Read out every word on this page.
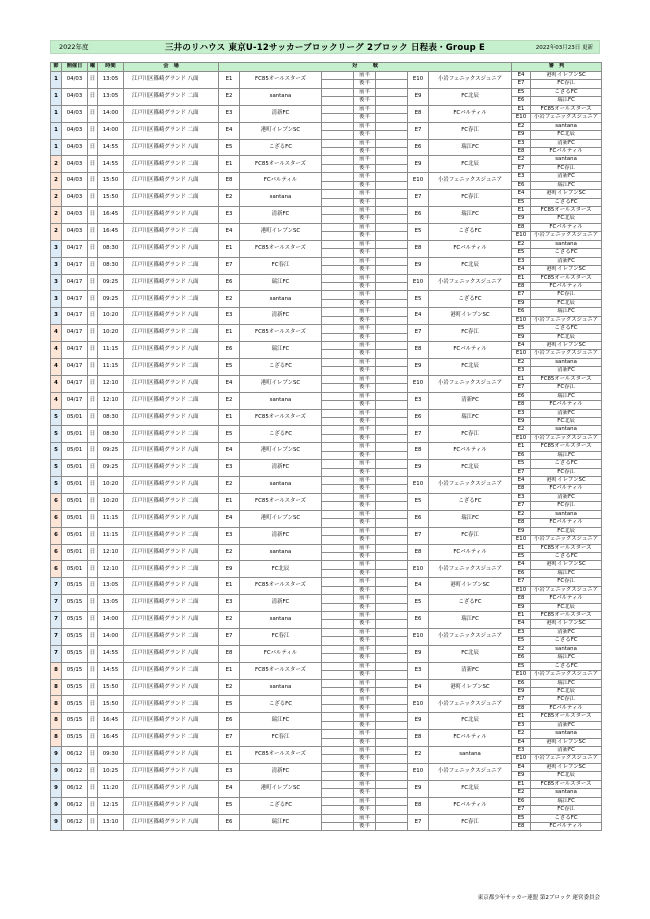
2022年度	三井のリハウス 東京U-12サッカーブロックリーグ 2ブロック 日程表・Group E	2022年03月23日 更新
節	開催日	曜	時間	会　場	対　　　戦							審　判	
1	04/03	日	13:05	江戸川区篠崎グランド 八面	E1	FC85オールスターズ		前半		E10	小岩フェニックスジュニア	E4	港町イレブンSC
								後半				E7	FC春江
1	04/03	日	13:05	江戸川区篠崎グランド 二面	E2	santana		前半		E9	FC北辰	E5	こざるFC
								後半				E6	瑞江FC
1	04/03	日	14:00	江戸川区篠崎グランド 八面	E3	清新FC		前半		E8	FCバルティル	E1	FC85オールスターズ
								後半				E10	小岩フェニックスジュニア
1	04/03	日	14:00	江戸川区篠崎グランド 二面	E4	港町イレブンSC		前半		E7	FC春江	E2	santana
								後半				E9	FC北辰
1	04/03	日	14:55	江戸川区篠崎グランド 八面	E5	こざるFC		前半		E6	瑞江FC	E3	清新FC
								後半				E8	FCバルティル
2	04/03	日	14:55	江戸川区篠崎グランド 二面	E1	FC85オールスターズ		前半		E9	FC北辰	E2	santana
								後半				E7	FC春江
2	04/03	日	15:50	江戸川区篠崎グランド 八面	E8	FCバルティル		前半		E10	小岩フェニックスジュニア	E3	清新FC
								後半				E6	瑞江FC
2	04/03	日	15:50	江戸川区篠崎グランド 二面	E2	santana		前半		E7	FC春江	E4	港町イレブンSC
								後半				E5	こざるFC
2	04/03	日	16:45	江戸川区篠崎グランド 八面	E3	清新FC		前半		E6	瑞江FC	E1	FC85オールスターズ
								後半				E9	FC北辰
2	04/03	日	16:45	江戸川区篠崎グランド 二面	E4	港町イレブンSC		前半		E5	こざるFC	E8	FCバルティル
								後半				E10	小岩フェニックスジュニア
3	04/17	日	08:30	江戸川区篠崎グランド 八面	E1	FC85オールスターズ		前半		E8	FCバルティル	E2	santana
								後半				E5	こざるFC
3	04/17	日	08:30	江戸川区篠崎グランド 二面	E7	FC春江		前半		E9	FC北辰	E3	清新FC
								後半				E4	港町イレブンSC
3	04/17	日	09:25	江戸川区篠崎グランド 八面	E6	瑞江FC		前半		E10	小岩フェニックスジュニア	E1	FC85オールスターズ
								後半				E8	FCバルティル
3	04/17	日	09:25	江戸川区篠崎グランド 二面	E2	santana		前半		E5	こざるFC	E7	FC春江
								後半				E9	FC北辰
3	04/17	日	10:20	江戸川区篠崎グランド 八面	E3	清新FC		前半		E4	港町イレブンSC	E6	瑞江FC
								後半				E10	小岩フェニックスジュニア
4	04/17	日	10:20	江戸川区篠崎グランド 二面	E1	FC85オールスターズ		前半		E7	FC春江	E5	こざるFC
								後半				E9	FC北辰
4	04/17	日	11:15	江戸川区篠崎グランド 八面	E6	瑞江FC		前半		E8	FCバルティル	E4	港町イレブンSC
								後半				E10	小岩フェニックスジュニア
4	04/17	日	11:15	江戸川区篠崎グランド 二面	E5	こざるFC		前半		E9	FC北辰	E2	santana
								後半				E3	清新FC
4	04/17	日	12:10	江戸川区篠崎グランド 八面	E4	港町イレブンSC		前半		E10	小岩フェニックスジュニア	E1	FC85オールスターズ
								後半				E7	FC春江
4	04/17	日	12:10	江戸川区篠崎グランド 二面	E2	santana		前半		E3	清新FC	E6	瑞江FC
								後半				E8	FCバルティル
5	05/01	日	08:30	江戸川区篠崎グランド 八面	E1	FC85オールスターズ		前半		E6	瑞江FC	E3	清新FC
								後半				E9	FC北辰
5	05/01	日	08:30	江戸川区篠崎グランド 二面	E5	こざるFC		前半		E7	FC春江	E2	santana
								後半				E10	小岩フェニックスジュニア
5	05/01	日	09:25	江戸川区篠崎グランド 八面	E4	港町イレブンSC		前半		E8	FCバルティル	E1	FC85オールスターズ
								後半				E6	瑞江FC
5	05/01	日	09:25	江戸川区篠崎グランド 二面	E3	清新FC		前半		E9	FC北辰	E5	こざるFC
								後半				E7	FC春江
5	05/01	日	10:20	江戸川区篠崎グランド 八面	E2	santana		前半		E10	小岩フェニックスジュニア	E4	港町イレブンSC
								後半				E8	FCバルティル
6	05/01	日	10:20	江戸川区篠崎グランド 二面	E1	FC85オールスターズ		前半		E5	こざるFC	E3	清新FC
								後半				E7	FC春江
6	05/01	日	11:15	江戸川区篠崎グランド 八面	E4	港町イレブンSC		前半		E6	瑞江FC	E2	santana
								後半				E8	FCバルティル
6	05/01	日	11:15	江戸川区篠崎グランド 二面	E3	清新FC		前半		E7	FC春江	E9	FC北辰
								後半				E10	小岩フェニックスジュニア
6	05/01	日	12:10	江戸川区篠崎グランド 八面	E2	santana		前半		E8	FCバルティル	E1	FC85オールスターズ
								後半				E5	こざるFC
6	05/01	日	12:10	江戸川区篠崎グランド 二面	E9	FC北辰		前半		E10	小岩フェニックスジュニア	E4	港町イレブンSC
								後半				E6	瑞江FC
7	05/15	日	13:05	江戸川区篠崎グランド 八面	E1	FC85オールスターズ		前半		E4	港町イレブンSC	E7	FC春江
								後半				E10	小岩フェニックスジュニア
7	05/15	日	13:05	江戸川区篠崎グランド 二面	E3	清新FC		前半		E5	こざるFC	E8	FCバルティル
								後半				E9	FC北辰
7	05/15	日	14:00	江戸川区篠崎グランド 八面	E2	santana		前半		E6	瑞江FC	E1	FC85オールスターズ
								後半				E4	港町イレブンSC
7	05/15	日	14:00	江戸川区篠崎グランド 二面	E7	FC春江		前半		E10	小岩フェニックスジュニア	E3	清新FC
								後半				E5	こざるFC
7	05/15	日	14:55	江戸川区篠崎グランド 八面	E8	FCバルティル		前半		E9	FC北辰	E2	santana
								後半				E6	瑞江FC
8	05/15	日	14:55	江戸川区篠崎グランド 二面	E1	FC85オールスターズ		前半		E3	清新FC	E5	こざるFC
								後半				E10	小岩フェニックスジュニア
8	05/15	日	15:50	江戸川区篠崎グランド 八面	E2	santana		前半		E4	港町イレブンSC	E6	瑞江FC
								後半				E9	FC北辰
8	05/15	日	15:50	江戸川区篠崎グランド 二面	E5	こざるFC		前半		E10	小岩フェニックスジュニア	E7	FC春江
								後半				E8	FCバルティル
8	05/15	日	16:45	江戸川区篠崎グランド 八面	E6	瑞江FC		前半		E9	FC北辰	E1	FC85オールスターズ
								後半				E3	清新FC
8	05/15	日	16:45	江戸川区篠崎グランド 二面	E7	FC春江		前半		E8	FCバルティル	E2	santana
								後半				E4	港町イレブンSC
9	06/12	日	09:30	江戸川区篠崎グランド 八面	E1	FC85オールスターズ		前半		E2	santana	E3	清新FC
								後半				E10	小岩フェニックスジュニア
9	06/12	日	10:25	江戸川区篠崎グランド 八面	E3	清新FC		前半		E10	小岩フェニックスジュニア	E4	港町イレブンSC
								後半				E9	FC北辰
9	06/12	日	11:20	江戸川区篠崎グランド 八面	E4	港町イレブンSC		前半		E9	FC北辰	E1	FC85オールスターズ
								後半				E2	santana
9	06/12	日	12:15	江戸川区篠崎グランド 八面	E5	こざるFC		前半		E8	FCバルティル	E6	瑞江FC
								後半				E7	FC春江
9	06/12	日	13:10	江戸川区篠崎グランド 八面	E6	瑞江FC		前半		E7	FC春江	E5	こざるFC
								後半				E8	FCバルティル
東京都少年サッカー連盟 第2ブロック 運営委員会
